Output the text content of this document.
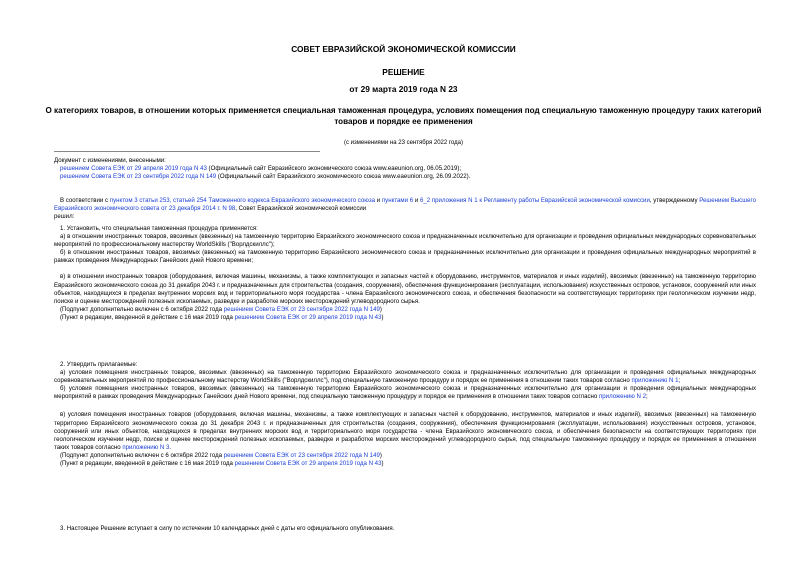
СОВЕТ ЕВРАЗИЙСКОЙ ЭКОНОМИЧЕСКОЙ КОМИССИИ
РЕШЕНИЕ
от 29 марта 2019 года N 23
О категориях товаров, в отношении которых применяется специальная таможенная процедура, условиях помещения под специальную таможенную процедуру таких категорий товаров и порядке ее применения
(с изменениями на 23 сентября 2022 года)
Документ с изменениями, внесенными:
решением Совета ЕЭК от 29 апреля 2019 года N 43 (Официальный сайт Евразийского экономического союза www.eaeunion.org, 06.05.2019);
решением Совета ЕЭК от 23 сентября 2022 года N 149 (Официальный сайт Евразийского экономического союза www.eaeunion.org, 26.09.2022).
В соответствии с пунктом 3 статьи 253, статьей 254 Таможенного кодекса Евразийского экономического союза и пунктами 6 и 6_2 приложения N 1 к Регламенту работы Евразийской экономической комиссии, утвержденному Решением Высшего Евразийского экономического совета от 23 декабря 2014 г. N 98, Совет Евразийской экономической комиссии
решил:
1. Установить, что специальная таможенная процедура применяется:
а) в отношении иностранных товаров, ввозимых (ввезенных) на таможенную территорию Евразийского экономического союза и предназначенных исключительно для организации и проведения официальных международных соревновательных мероприятий по профессиональному мастерству WorldSkills ("Ворлдскиллс");
б) в отношении иностранных товаров, ввозимых (ввезенных) на таможенную территорию Евразийского экономического союза и предназначенных исключительно для организации и проведения официальных международных мероприятий в рамках проведения Международных Ганейских дней Нового времени;
в) в отношении иностранных товаров (оборудования, включая машины, механизмы, а также комплектующих и запасных частей к оборудованию, инструментов, материалов и иных изделий), ввозимых (ввезенных) на таможенную территорию Евразийского экономического союза до 31 декабря 2043 г. и предназначенных для строительства (создания, сооружения), обеспечения функционирования (эксплуатации, использования) искусственных островов, установок, сооружений или иных объектов, находящихся в пределах внутренних морских вод и территориального моря государства - члена Евразийского экономического союза, и обеспечения безопасности на соответствующих территориях при геологическом изучении недр, поиске и оценке месторождений полезных ископаемых, разведке и разработке морских месторождений углеводородного сырья.
(Подпункт дополнительно включен с 6 октября 2022 года решением Совета ЕЭК от 23 сентября 2022 года N 149)
(Пункт в редакции, введенной в действие с 16 мая 2019 года решением Совета ЕЭК от 29 апреля 2019 года N 43)
2. Утвердить прилагаемые:
а) условия помещения иностранных товаров, ввозимых (ввезенных) на таможенную территорию Евразийского экономического союза и предназначенных исключительно для организации и проведения официальных международных соревновательных мероприятий по профессиональному мастерству WorldSkills ("Ворлдскиллс"), под специальную таможенную процедуру и порядок ее применения в отношении таких товаров согласно приложению N 1;
б) условия помещения иностранных товаров, ввозимых (ввезенных) на таможенную территорию Евразийского экономического союза и предназначенных исключительно для организации и проведения официальных международных мероприятий в рамках проведения Международных Ганейских дней Нового времени, под специальную таможенную процедуру и порядок ее применения в отношении таких товаров согласно приложению N 2;
в) условия помещения иностранных товаров (оборудования, включая машины, механизмы, а также комплектующих и запасных частей к оборудованию, инструментов, материалов и иных изделий), ввозимых (ввезенных) на таможенную территорию Евразийского экономического союза до 31 декабря 2043 г. и предназначенных для строительства (создания, сооружения), обеспечения функционирования (эксплуатации, использования) искусственных островов, установок, сооружений или иных объектов, находящихся в пределах внутренних морских вод и территориального моря государства - члена Евразийского экономического союза, и обеспечения безопасности на соответствующих территориях при геологическом изучении недр, поиске и оценке месторождений полезных ископаемых, разведке и разработке морских месторождений углеводородного сырья, под специальную таможенную процедуру и порядок ее применения в отношении таких товаров согласно приложению N 3.
(Подпункт дополнительно включен с 6 октября 2022 года решением Совета ЕЭК от 23 сентября 2022 года N 149)
(Пункт в редакции, введенной в действие с 16 мая 2019 года решением Совета ЕЭК от 29 апреля 2019 года N 43)
3. Настоящее Решение вступает в силу по истечении 10 календарных дней с даты его официального опубликования.
